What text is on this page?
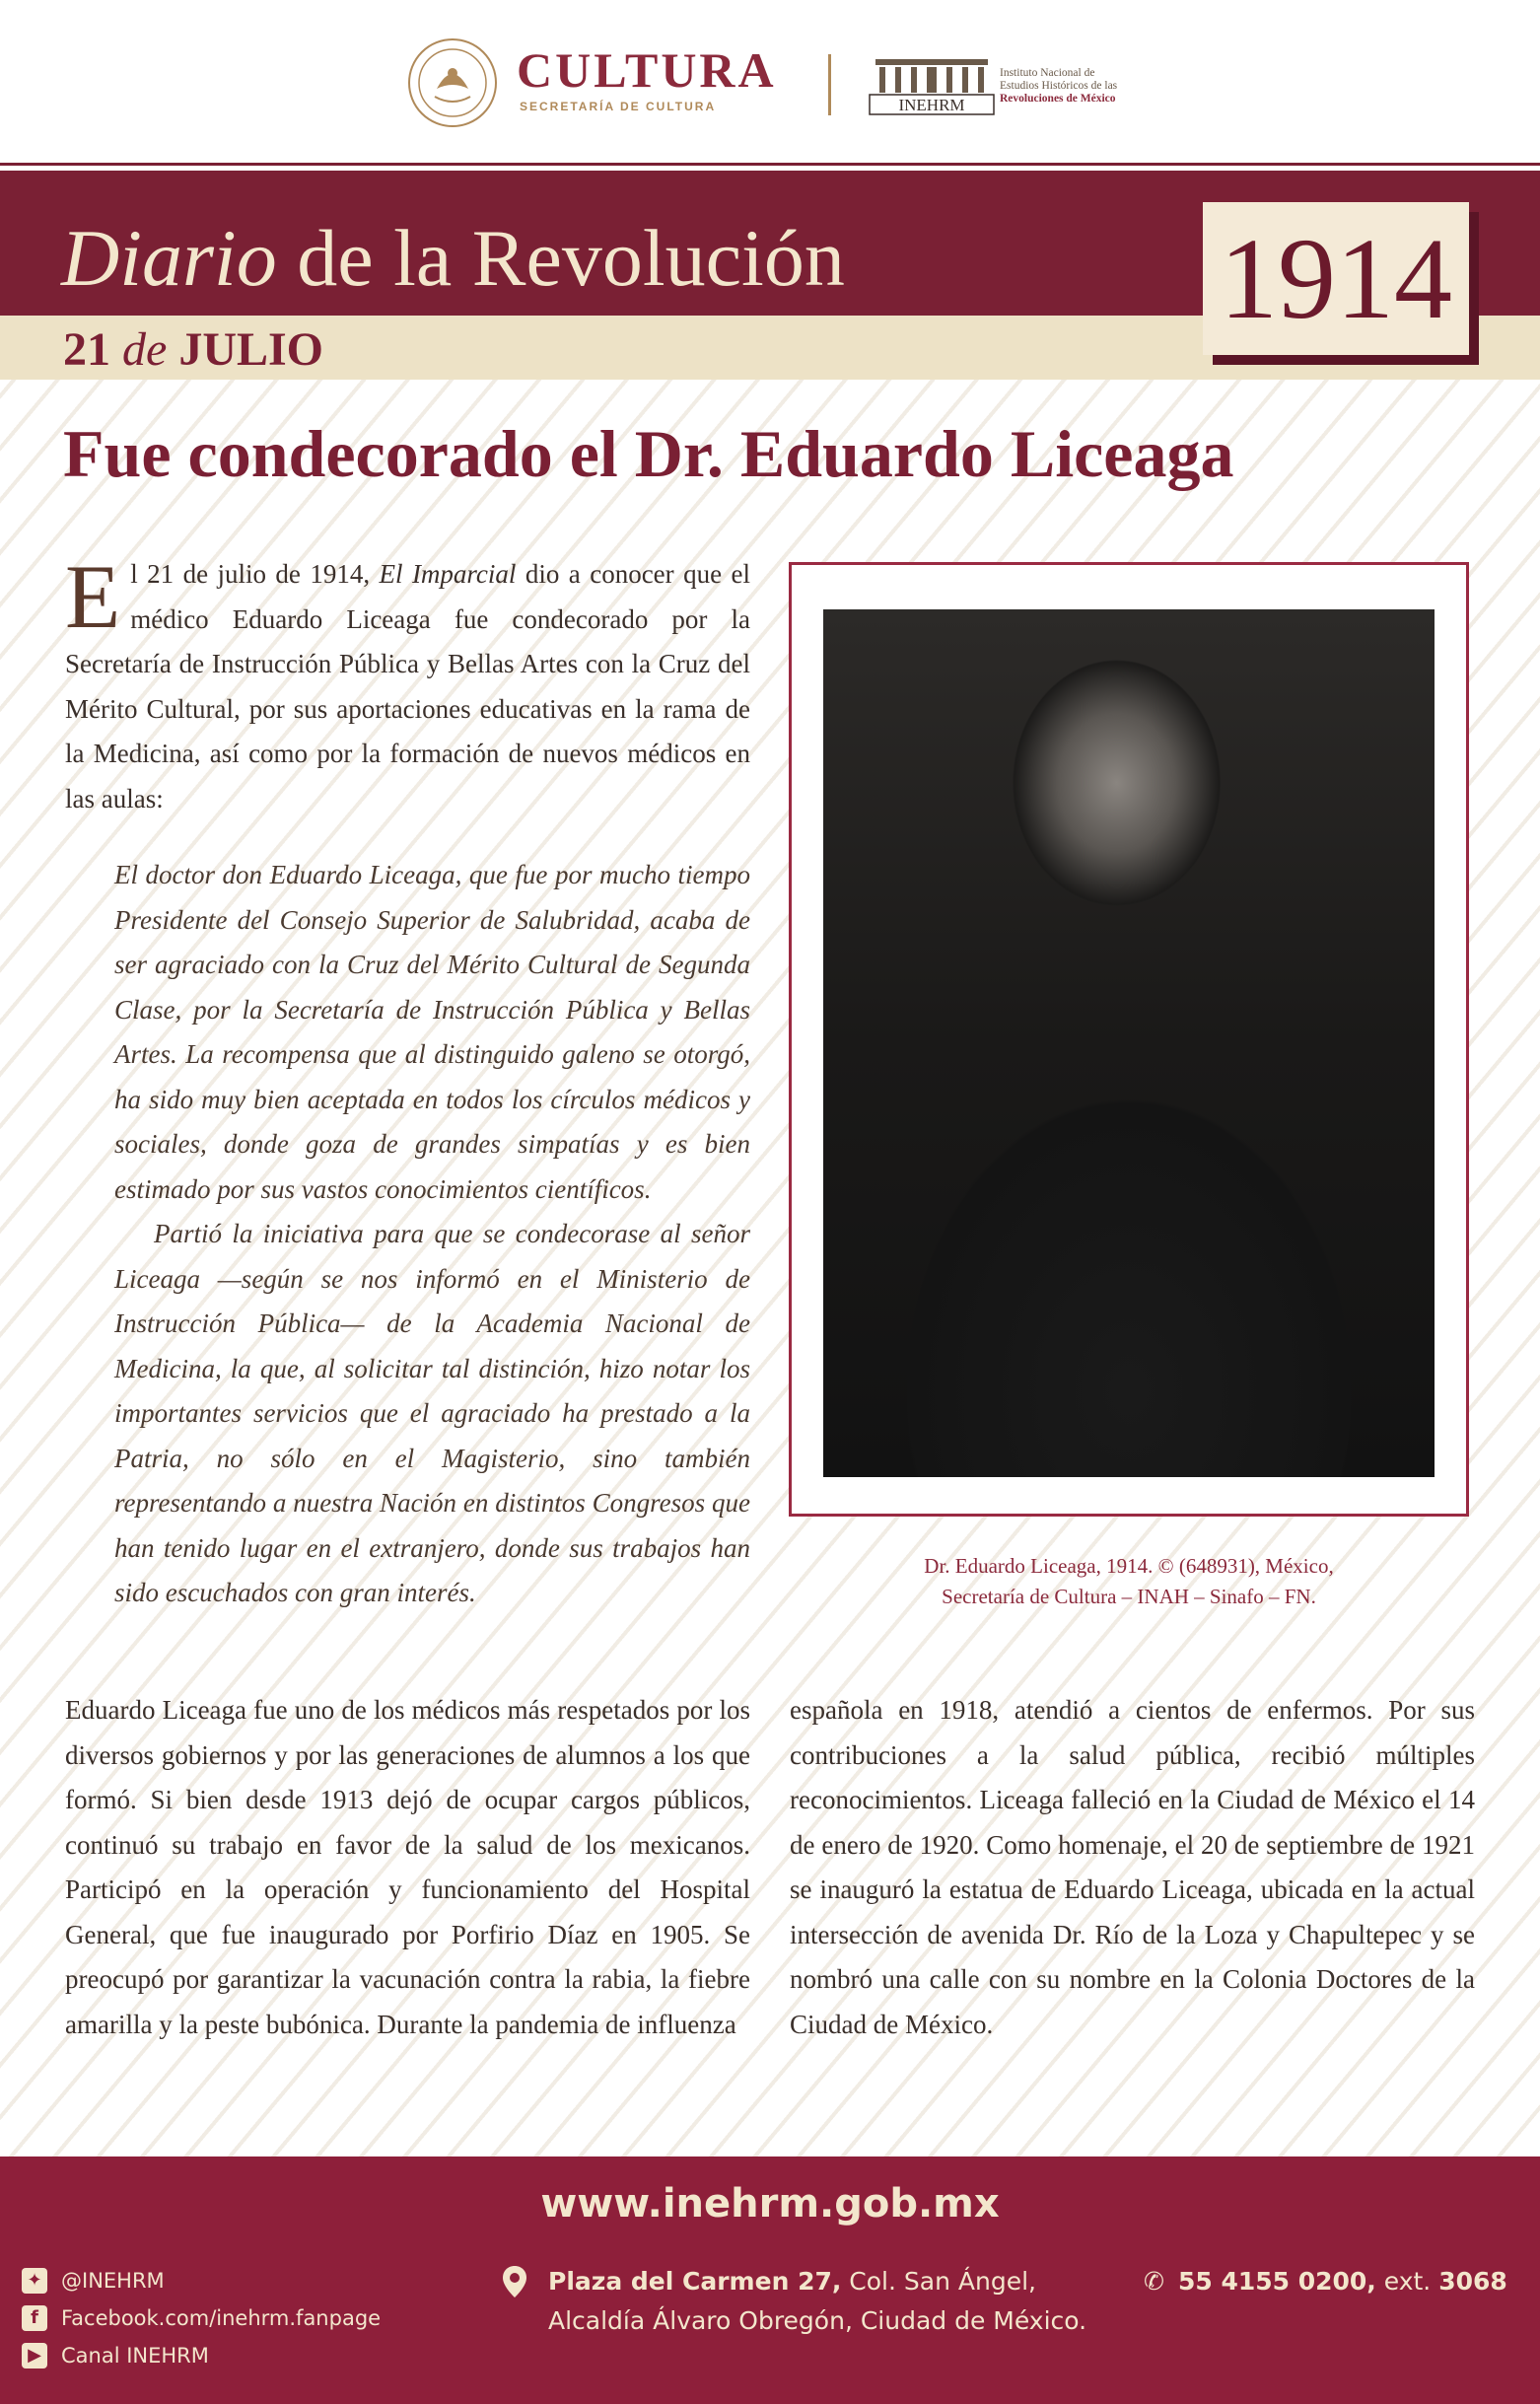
CULTURA
SECRETARÍA DE CULTURA	INEHRM
Instituto Nacional de
Estudios Históricos de las
Revoluciones de México
Diario de la Revolución
21 de JULIO
1914
Fue condecorado el Dr. Eduardo Liceaga
El 21 de julio de 1914, El Imparcial dio a conocer que el médico Eduardo Liceaga fue condecorado por la Secretaría de Instrucción Pública y Bellas Artes con la Cruz del Mérito Cultural, por sus aportaciones educativas en la rama de la Medicina, así como por la formación de nuevos médicos en las aulas:

El doctor don Eduardo Liceaga, que fue por mucho tiempo Presidente del Consejo Superior de Salubridad, acaba de ser agraciado con la Cruz del Mérito Cultural de Segunda Clase, por la Secretaría de Instrucción Pública y Bellas Artes. La recompensa que al distinguido galeno se otorgó, ha sido muy bien aceptada en todos los círculos médicos y sociales, donde goza de grandes simpatías y es bien estimado por sus vastos conocimientos científicos.

Partió la iniciativa para que se condecorase al señor Liceaga —según se nos informó en el Ministerio de Instrucción Pública— de la Academia Nacional de Medicina, la que, al solicitar tal distinción, hizo notar los importantes servicios que el agraciado ha prestado a la Patria, no sólo en el Magisterio, sino también representando a nuestra Nación en distintos Congresos que han tenido lugar en el extranjero, donde sus trabajos han sido escuchados con gran interés.

Dr. Eduardo Liceaga, 1914. © (648931), México,
Secretaría de Cultura – INAH – Sinafo – FN.
Eduardo Liceaga fue uno de los médicos más respetados por los diversos gobiernos y por las generaciones de alumnos a los que formó. Si bien desde 1913 dejó de ocupar cargos públicos, continuó su trabajo en favor de la salud de los mexicanos. Participó en la operación y funcionamiento del Hospital General, que fue inaugurado por Porfirio Díaz en 1905. Se preocupó por garantizar la vacunación contra la rabia, la fiebre amarilla y la peste bubónica. Durante la pandemia de influenza
española en 1918, atendió a cientos de enfermos. Por sus contribuciones a la salud pública, recibió múltiples reconocimientos. Liceaga falleció en la Ciudad de México el 14 de enero de 1920. Como homenaje, el 20 de septiembre de 1921 se inauguró la estatua de Eduardo Liceaga, ubicada en la actual intersección de avenida Dr. Río de la Loza y Chapultepec y se nombró una calle con su nombre en la Colonia Doctores de la Ciudad de México.
www.inehrm.gob.mx
✦ @INEHRM
f	Facebook.com/inehrm.fanpage
▶ Canal INEHRM
Plaza del Carmen 27, Col. San Ángel,
Alcaldía Álvaro Obregón, Ciudad de México.
✆ 55 4155 0200, ext. 3068
